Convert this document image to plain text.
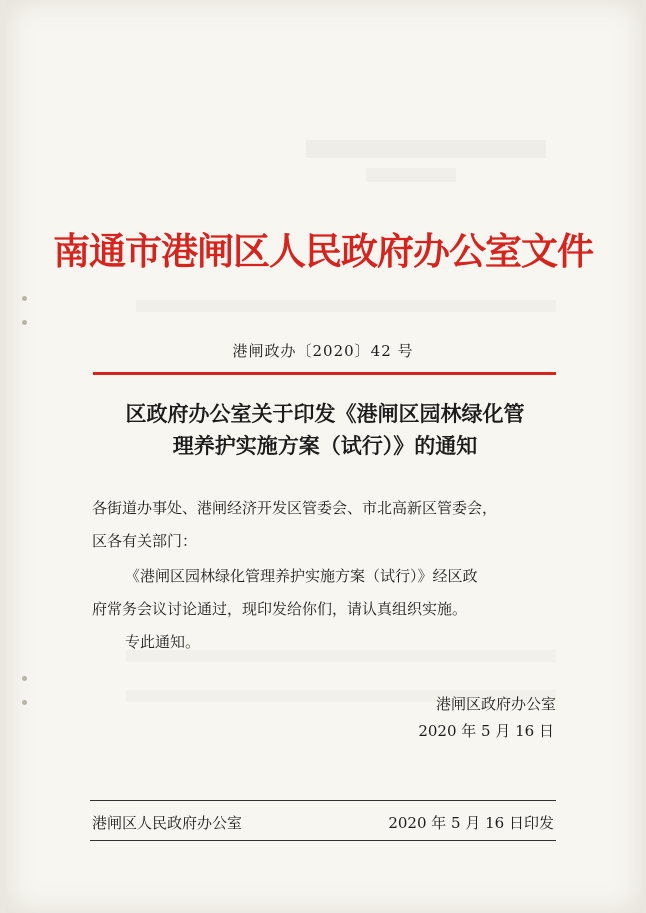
南通市港闸区人民政府办公室文件
港闸政办〔2020〕42 号
区政府办公室关于印发《港闸区园林绿化管
理养护实施方案（试行）》的通知
各街道办事处、港闸经济开发区管委会、市北高新区管委会，
区各有关部门：
《港闸区园林绿化管理养护实施方案（试行）》经区政
府常务会议讨论通过，现印发给你们，请认真组织实施。
专此通知。
港闸区政府办公室
2020 年 5 月 16 日
港闸区人民政府办公室	2020 年 5 月 16 日印发
